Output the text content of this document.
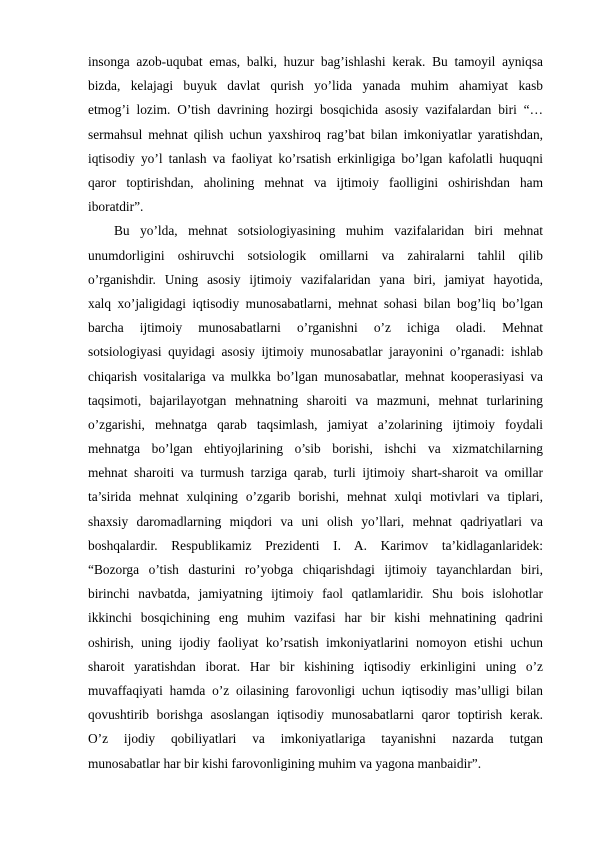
insonga azob-uqubat emas, balki, huzur bag’ishlashi kerak. Bu tamoyil ayniqsa
bizda, kelajagi buyuk davlat qurish yo’lida yanada muhim ahamiyat kasb
etmog’i lozim. O’tish davrining hozirgi bosqichida asosiy vazifalardan biri “…
sermahsul mehnat qilish uchun yaxshiroq rag’bat bilan imkoniyatlar yaratishdan,
iqtisodiy yo’l tanlash va faoliyat ko’rsatish erkinligiga bo’lgan kafolatli huquqni
qaror toptirishdan, aholining mehnat va ijtimoiy faolligini oshirishdan ham
iboratdir”.
Bu yo’lda, mehnat sotsiologiyasining muhim vazifalaridan biri mehnat
unumdorligini oshiruvchi sotsiologik omillarni va zahiralarni tahlil qilib
o’rganishdir. Uning asosiy ijtimoiy vazifalaridan yana biri, jamiyat hayotida,
xalq xo’jaligidagi iqtisodiy munosabatlarni, mehnat sohasi bilan bog’liq bo’lgan
barcha ijtimoiy munosabatlarni o’rganishni o’z ichiga oladi. Mehnat
sotsiologiyasi quyidagi asosiy ijtimoiy munosabatlar jarayonini o’rganadi: ishlab
chiqarish vositalariga va mulkka bo’lgan munosabatlar, mehnat kooperasiyasi va
taqsimoti, bajarilayotgan mehnatning sharoiti va mazmuni, mehnat turlarining
o’zgarishi, mehnatga qarab taqsimlash, jamiyat a’zolarining ijtimoiy foydali
mehnatga bo’lgan ehtiyojlarining o’sib borishi, ishchi va xizmatchilarning
mehnat sharoiti va turmush tarziga qarab, turli ijtimoiy shart-sharoit va omillar
ta’sirida mehnat xulqining o’zgarib borishi, mehnat xulqi motivlari va tiplari,
shaxsiy daromadlarning miqdori va uni olish yo’llari, mehnat qadriyatlari va
boshqalardir. Respublikamiz Prezidenti I. A. Karimov ta’kidlaganlaridek:
“Bozorga o’tish dasturini ro’yobga chiqarishdagi ijtimoiy tayanchlardan biri,
birinchi navbatda, jamiyatning ijtimoiy faol qatlamlaridir. Shu bois islohotlar
ikkinchi bosqichining eng muhim vazifasi har bir kishi mehnatining qadrini
oshirish, uning ijodiy faoliyat ko’rsatish imkoniyatlarini nomoyon etishi uchun
sharoit yaratishdan iborat. Har bir kishining iqtisodiy erkinligini uning o’z
muvaffaqiyati hamda o’z oilasining farovonligi uchun iqtisodiy mas’ulligi bilan
qovushtirib borishga asoslangan iqtisodiy munosabatlarni qaror toptirish kerak.
O’z ijodiy qobiliyatlari va imkoniyatlariga tayanishni nazarda tutgan
munosabatlar har bir kishi farovonligining muhim va yagona manbaidir”.
